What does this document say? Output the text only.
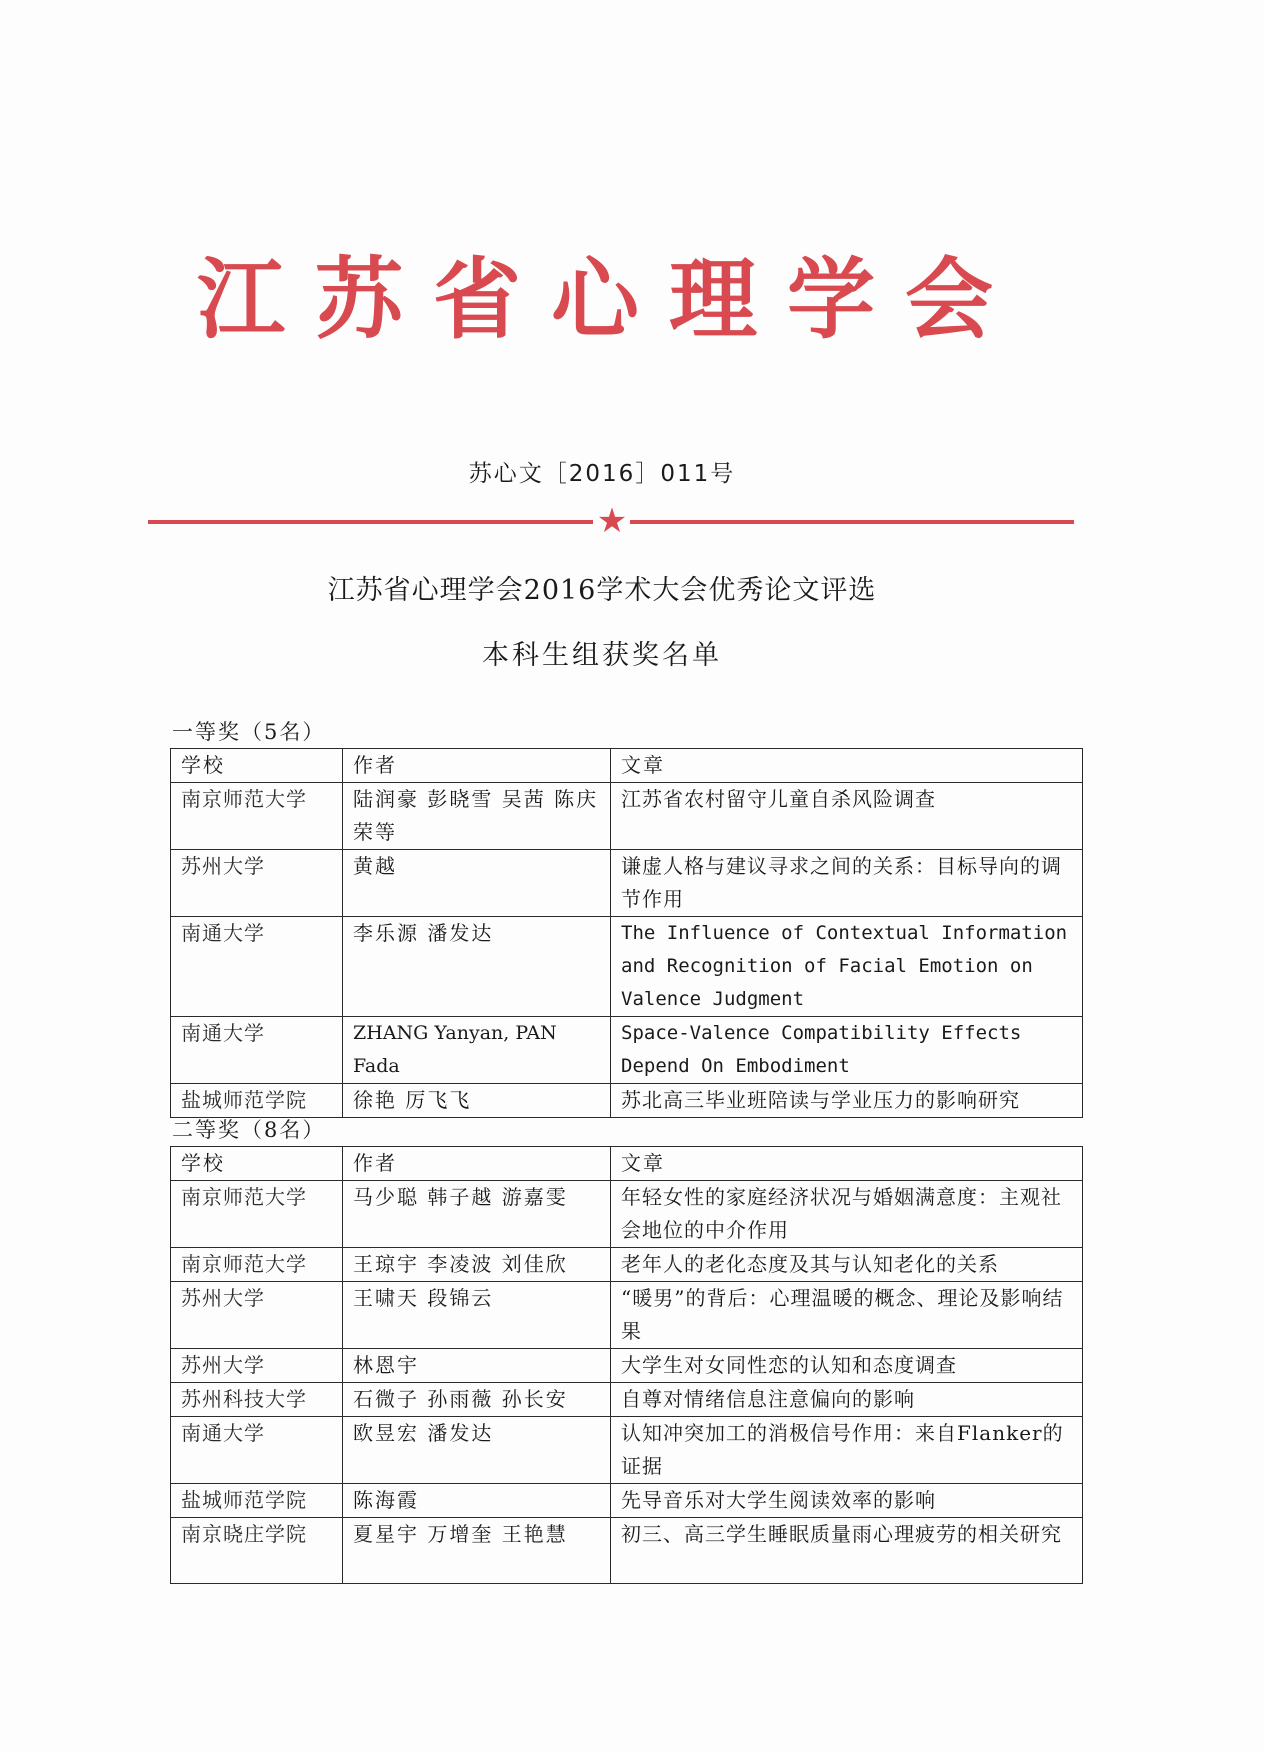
江苏省心理学会
苏心文［2016］011号
★
江苏省心理学会2016学术大会优秀论文评选
本科生组获奖名单
一等奖（5名）
学校	作者	文章
南京师范大学	陆润豪 彭晓雪 吴茜 陈庆荣等	江苏省农村留守儿童自杀风险调查
苏州大学	黄越	谦虚人格与建议寻求之间的关系：目标导向的调节作用
南通大学	李乐源 潘发达	The Influence of Contextual Information and Recognition of Facial Emotion on Valence Judgment
南通大学	ZHANG Yanyan, PAN Fada	Space-Valence Compatibility Effects Depend On Embodiment
盐城师范学院	徐艳 厉飞飞	苏北高三毕业班陪读与学业压力的影响研究
二等奖（8名）
学校	作者	文章
南京师范大学	马少聪 韩子越 游嘉雯	年轻女性的家庭经济状况与婚姻满意度：主观社会地位的中介作用
南京师范大学	王琼宇 李凌波 刘佳欣	老年人的老化态度及其与认知老化的关系
苏州大学	王啸天 段锦云	“暖男”的背后：心理温暖的概念、理论及影响结果
苏州大学	林恩宇	大学生对女同性恋的认知和态度调查
苏州科技大学	石微子 孙雨薇 孙长安	自尊对情绪信息注意偏向的影响
南通大学	欧昱宏 潘发达	认知冲突加工的消极信号作用：来自Flanker的证据
盐城师范学院	陈海霞	先导音乐对大学生阅读效率的影响
南京晓庄学院	夏星宇 万增奎 王艳慧	初三、高三学生睡眠质量雨心理疲劳的相关研究
